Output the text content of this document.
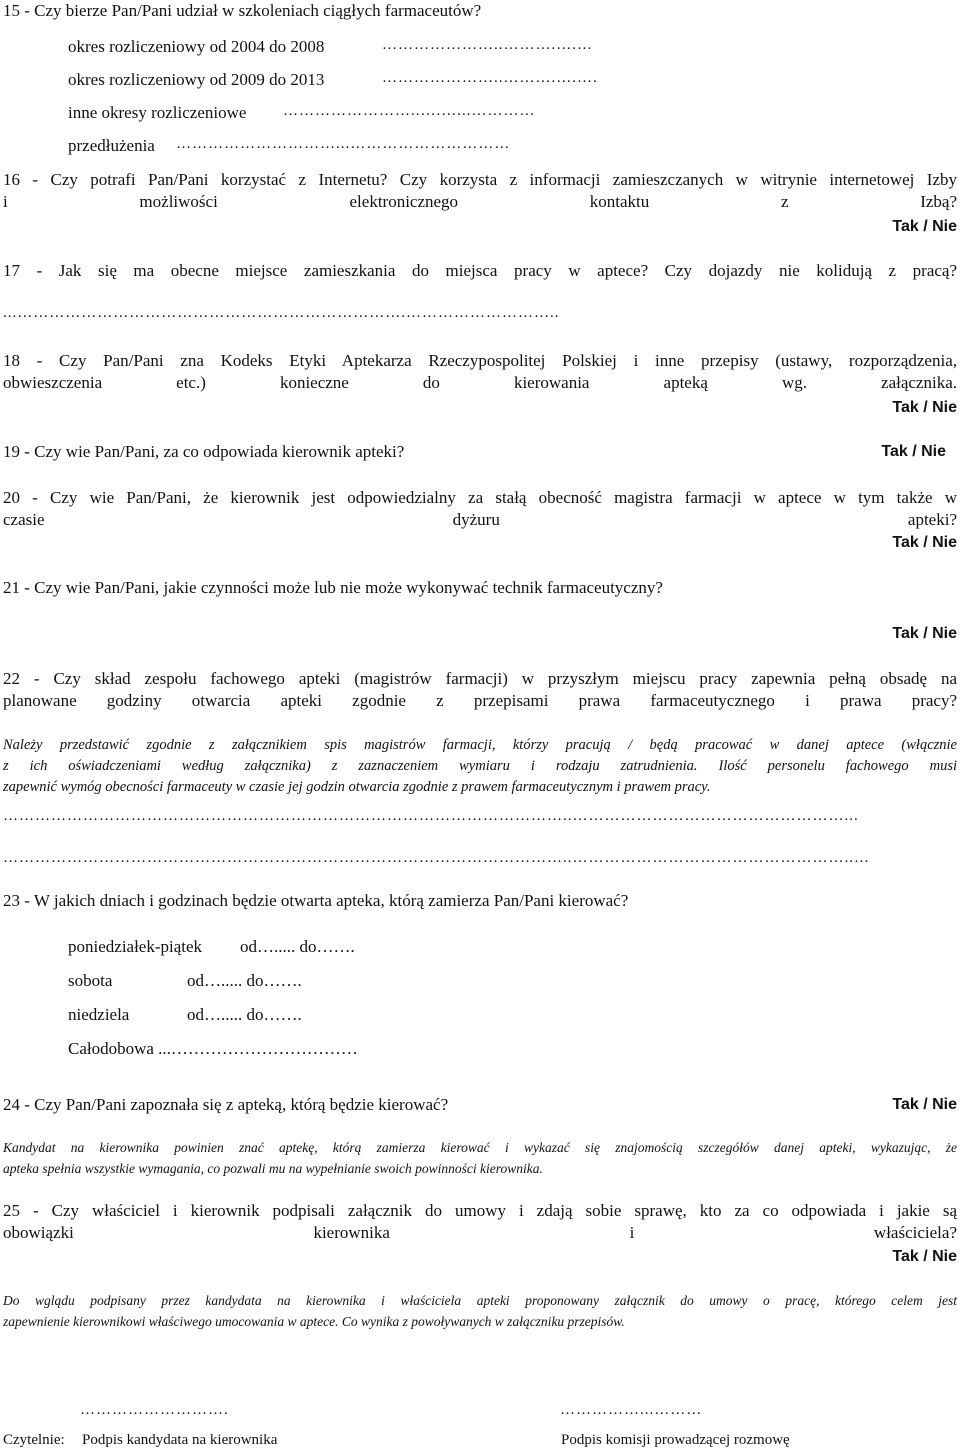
15 - Czy bierze Pan/Pani udział w szkoleniach ciągłych farmaceutów?
okres rozliczeniowy od 2004 do 2008	…………………..……….….…
okres rozliczeniowy od 2009 do 2013	…………………..……….….….
inne okresy rozliczeniowe ……………………..….…...…………
przedłużenia …………………………...…………………………
16 - Czy potrafi Pan/Pani korzystać z Internetu? Czy korzysta z informacji zamieszczanych w witrynie internetowej Izby
i możliwości elektronicznego kontaktu z Izbą?
Tak / Nie
17 - Jak się ma obecne miejsce zamieszkania do miejsca pracy w aptece? Czy dojazdy nie kolidują z pracą?
...……………………………………………………………….………………………..
18 - Czy Pan/Pani zna Kodeks Etyki Aptekarza Rzeczypospolitej Polskiej i inne przepisy (ustawy, rozporządzenia,
obwieszczenia etc.) konieczne do kierowania apteką wg. załącznika.
Tak / Nie
19 - Czy wie Pan/Pani, za co odpowiada kierownik apteki?	Tak / Nie
20 - Czy wie Pan/Pani, że kierownik jest odpowiedzialny za stałą obecność magistra farmacji w aptece w tym także w
czasie dyżuru apteki?
Tak / Nie
21 - Czy wie Pan/Pani, jakie czynności może lub nie może wykonywać technik farmaceutyczny?
Tak / Nie
22 - Czy skład zespołu fachowego apteki (magistrów farmacji) w przyszłym miejscu pracy zapewnia pełną obsadę na
planowane godziny otwarcia apteki zgodnie z przepisami prawa farmaceutycznego i prawa pracy?
Należy przedstawić zgodnie z załącznikiem spis magistrów farmacji, którzy pracują / będą pracować w danej aptece (włącznie
z ich oświadczeniami według załącznika) z zaznaczeniem wymiaru i rodzaju zatrudnienia. Ilość personelu fachowego musi
zapewnić wymóg obecności farmaceuty w czasie jej godzin otwarcia zgodnie z prawem farmaceutycznym i prawem pracy.
……………………………………………………………………………………………..……………………………………………...
……………………………………………………………………………………………..……………………………………………..…
23 - W jakich dniach i godzinach będzie otwarta apteka, którą zamierza Pan/Pani kierować?
poniedziałek-piątek od…..... do…….
sobota	od…..... do…….
niedziela	od…..... do…….
Całodobowa ...……………………………
24 - Czy Pan/Pani zapoznała się z apteką, którą będzie kierować?	Tak / Nie
Kandydat na kierownika powinien znać aptekę, którą zamierza kierować i wykazać się znajomością szczegółów danej apteki, wykazując, że
apteka spełnia wszystkie wymagania, co pozwali mu na wypełnianie swoich powinności kierownika.
25 - Czy właściciel i kierownik podpisali załącznik do umowy i zdają sobie sprawę, kto za co odpowiada i jakie są
obowiązki kierownika i właściciela?
Tak / Nie
Do wglądu podpisany przez kandydata na kierownika i właściciela apteki proponowany załącznik do umowy o pracę, którego celem jest
zapewnienie kierownikowi właściwego umocowania w aptece. Co wynika z powoływanych w załączniku przepisów.
……………………….	……………...………
Czytelnie: Podpis kandydata na kierownika	Podpis komisji prowadzącej rozmowę
